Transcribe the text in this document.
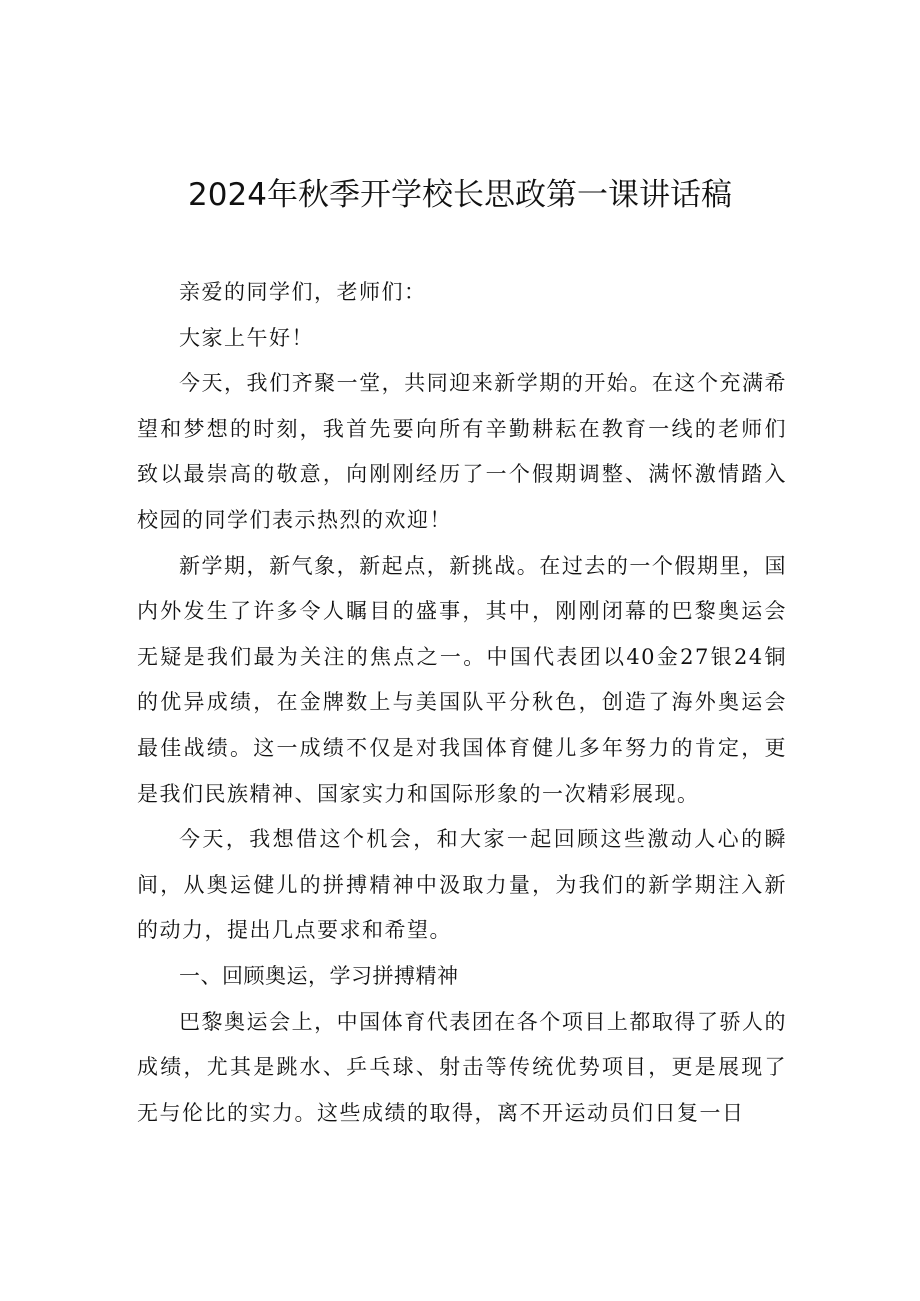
2024年秋季开学校长思政第一课讲话稿

亲爱的同学们，老师们：

大家上午好！

今天，我们齐聚一堂，共同迎来新学期的开始。在这个充满希望和梦想的时刻，我首先要向所有辛勤耕耘在教育一线的老师们致以最崇高的敬意，向刚刚经历了一个假期调整、满怀激情踏入校园的同学们表示热烈的欢迎！

新学期，新气象，新起点，新挑战。在过去的一个假期里，国内外发生了许多令人瞩目的盛事，其中，刚刚闭幕的巴黎奥运会无疑是我们最为关注的焦点之一。中国代表团以40金27银24铜的优异成绩，在金牌数上与美国队平分秋色，创造了海外奥运会最佳战绩。这一成绩不仅是对我国体育健儿多年努力的肯定，更是我们民族精神、国家实力和国际形象的一次精彩展现。

今天，我想借这个机会，和大家一起回顾这些激动人心的瞬间，从奥运健儿的拼搏精神中汲取力量，为我们的新学期注入新的动力，提出几点要求和希望。

一、回顾奥运，学习拼搏精神

巴黎奥运会上，中国体育代表团在各个项目上都取得了骄人的成绩，尤其是跳水、乒乓球、射击等传统优势项目，更是展现了无与伦比的实力。这些成绩的取得，离不开运动员们日复一日
